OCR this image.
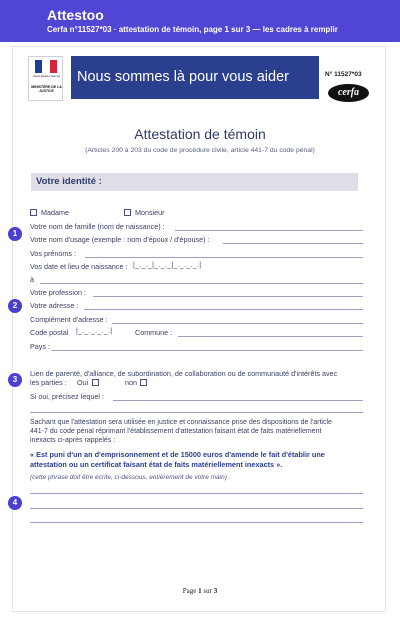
Attestoo
Cerfa n°11527*03 · attestation de témoin, page 1 sur 3 — les cadres à remplir
Liberté Égalité Fraternité
MINISTÈRE DE LA JUSTICE
Nous sommes là pour vous aider	N° 11527*03
cerfa
Attestation de témoin
(Articles 200 à 203 du code de procédure civile, article 441-7 du code pénal)
Votre identité :
Madame	Monsieur
1
Votre nom de famille (nom de naissance) :
Votre nom d'usage (exemple : nom d'époux / d'épouse) :
Vos prénoms :
Vos date et lieu de naissance : |_._._|_._._|_._._._.|
à
Votre profession :
2	Votre adresse :
Complément d'adresse :
Code postal |_._._._._.|	Commune :
Pays :
3
Lien de parenté, d'alliance, de subordination, de collaboration ou de communauté d'intérêts avec
les parties : Oui	non
Si oui, précisez lequel :
Sachant que l'attestation sera utilisée en justice et connaissance prise des dispositions de l'article
441-7 du code pénal réprimant l'établissement d'attestation faisant état de faits matériellement
inexacts ci-après rappelés :
« Est puni d'un an d'emprisonnement et de 15000 euros d'amende le fait d'établir une
attestation ou un certificat faisant état de faits matériellement inexacts ».
(cette phrase doit être écrite, ci-dessous, entièrement de votre main) :
4
Page 1 sur 3
